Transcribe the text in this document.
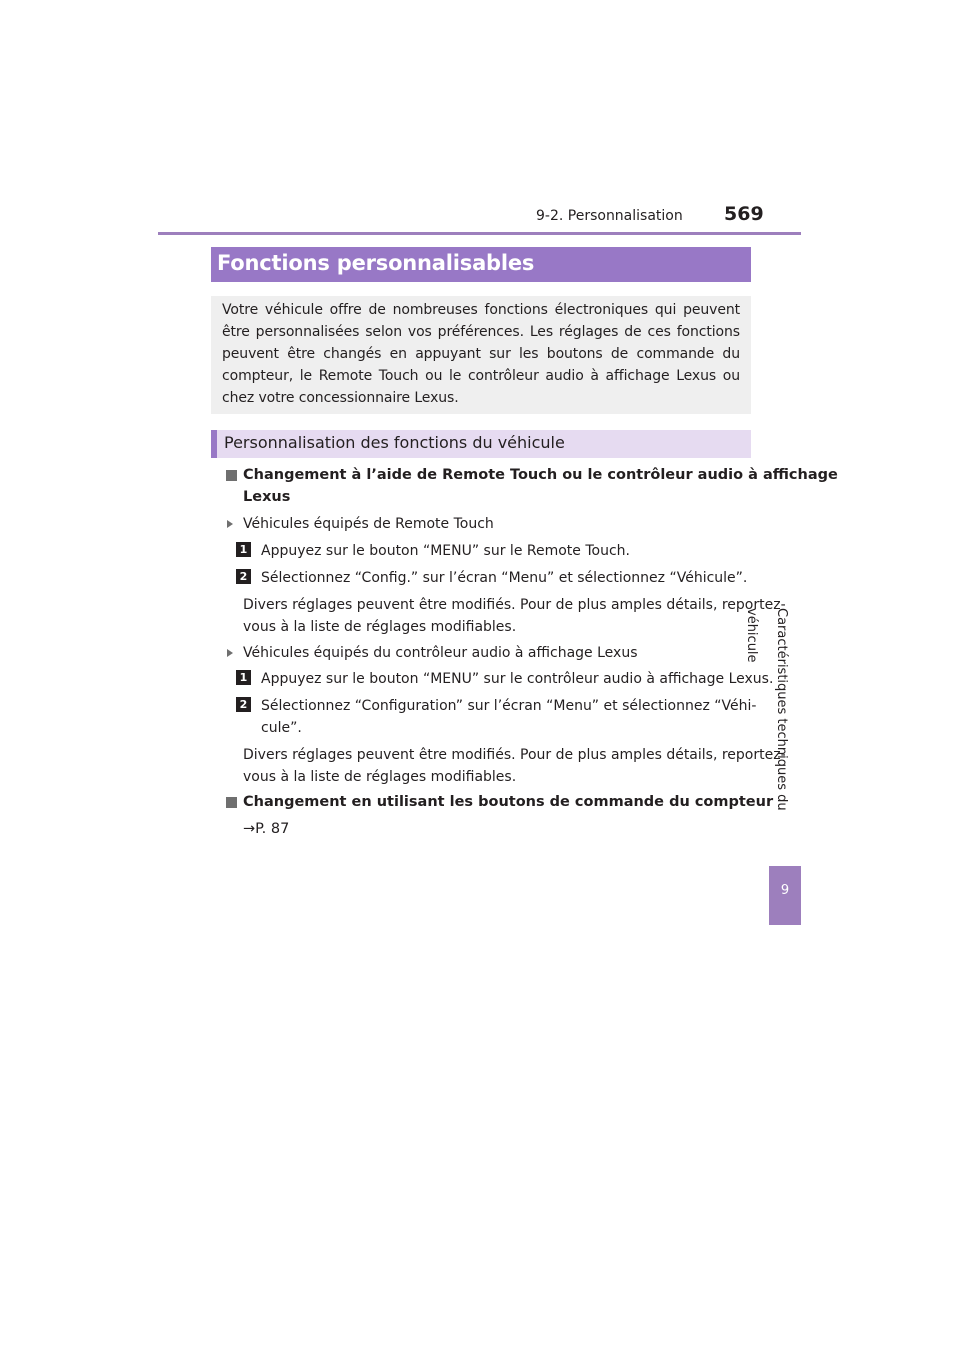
9-2. Personnalisation 569
Caractéristiques techniques du véhicule
9
Fonctions personnalisables
Votre véhicule offre de nombreuses fonctions électroniques qui peuvent être personnalisées selon vos préférences. Les réglages de ces fonctions peuvent être changés en appuyant sur les boutons de commande du compteur, le Remote Touch ou le contrôleur audio à affichage Lexus ou chez votre concessionnaire Lexus.
Personnalisation des fonctions du véhicule
Changement à l’aide de Remote Touch ou le contrôleur audio à affichage
Lexus
Véhicules équipés de Remote Touch
1 Appuyez sur le bouton “MENU” sur le Remote Touch.
2 Sélectionnez “Config.” sur l’écran “Menu” et sélectionnez “Véhicule”.
Divers réglages peuvent être modifiés. Pour de plus amples détails, reportez-
vous à la liste de réglages modifiables.
Véhicules équipés du contrôleur audio à affichage Lexus
1 Appuyez sur le bouton “MENU” sur le contrôleur audio à affichage Lexus.
2 Sélectionnez “Configuration” sur l’écran “Menu” et sélectionnez “Véhi-
cule”.
Divers réglages peuvent être modifiés. Pour de plus amples détails, reportez-
vous à la liste de réglages modifiables.
Changement en utilisant les boutons de commande du compteur
→P. 87
